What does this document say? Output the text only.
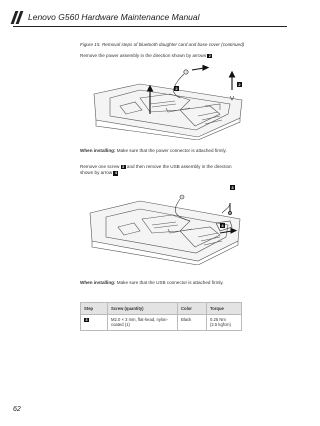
Lenovo G560 Hardware Maintenance Manual
Figure 15. Removal steps of bluetooth daughter card and base cover (continued)
Remove the power assembly in the direction shown by arrows 2
2
2
When installing: Make sure that the power connector is attached firmly.
Remove one screw 3 and then remove the USB assembly in the direction shown by arrow 4
3
4
When installing: Make sure that the USB connector is attached firmly.
Step	Screw (quantity)	Color	Torque
3	M2.0 × 3 mm, flat-head, nylon-coated (1)	Black	0.25 Nm
(2.5 kgfcm)
62
